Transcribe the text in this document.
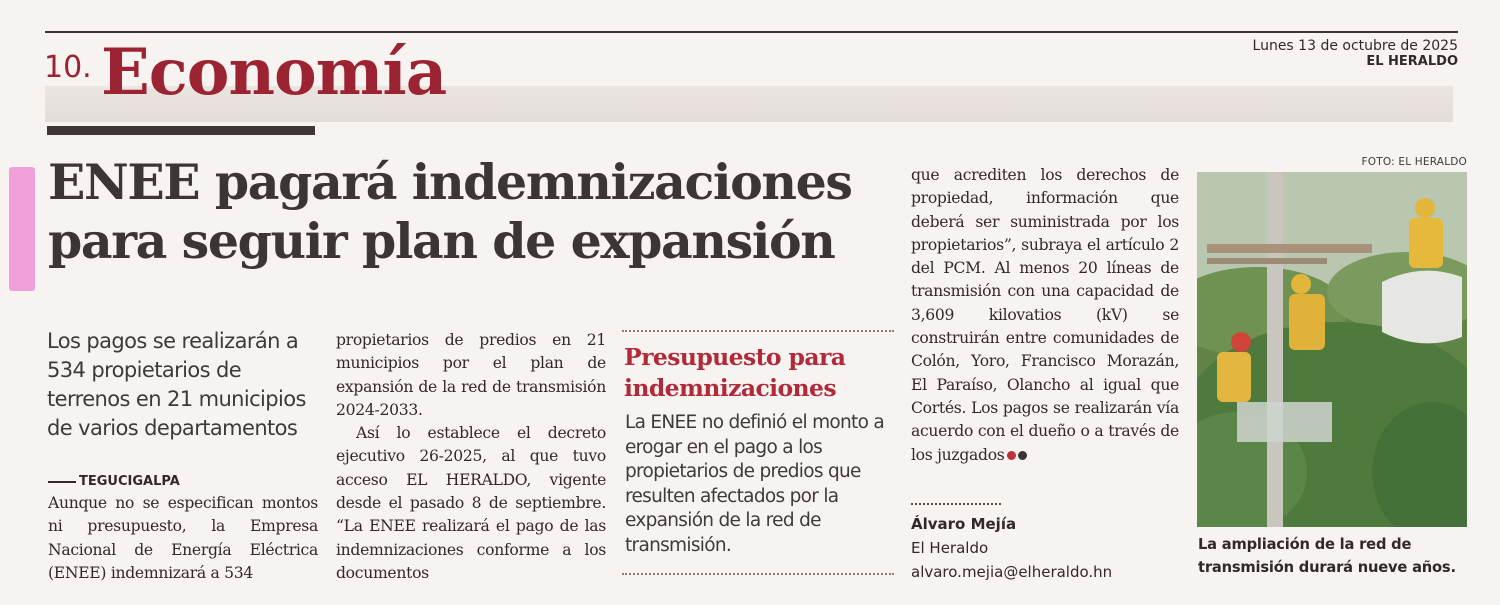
10. Economía	Lunes 13 de octubre de 2025
EL HERALDO
ENEE pagará indemnizaciones
para seguir plan de expansión
Los pagos se realizarán a 534 propietarios de terrenos en 21 municipios de varios departamentos
TEGUCIGALPA

Aunque no se especifican montos ni presupuesto, la Empresa Nacional de Energía Eléctrica (ENEE) indemnizará a 534

propietarios de predios en 21 municipios por el plan de expansión de la red de transmisión 2024-2033.

Así lo establece el decreto ejecutivo 26-2025, al que tuvo acceso EL HERALDO, vigente desde el pasado 8 de septiembre. “La ENEE realizará el pago de las indemnizaciones conforme a los documentos

Presupuesto para indemnizaciones
La ENEE no definió el monto a erogar en el pago a los propietarios de predios que resulten afectados por la expansión de la red de transmisión.

que acrediten los derechos de propiedad, información que deberá ser suministrada por los propietarios”, subraya el artículo 2 del PCM. Al menos 20 líneas de transmisión con una capacidad de 3,609 kilovatios (kV) se construirán entre comunidades de Colón, Yoro, Francisco Morazán, El Paraíso, Olancho al igual que Cortés. Los pagos se realizarán vía acuerdo con el dueño o a través de los juzgados

Álvaro Mejía
El Heraldo
alvaro.mejia@elheraldo.hn
FOTO: EL HERALDO
La ampliación de la red de transmisión durará nueve años.
